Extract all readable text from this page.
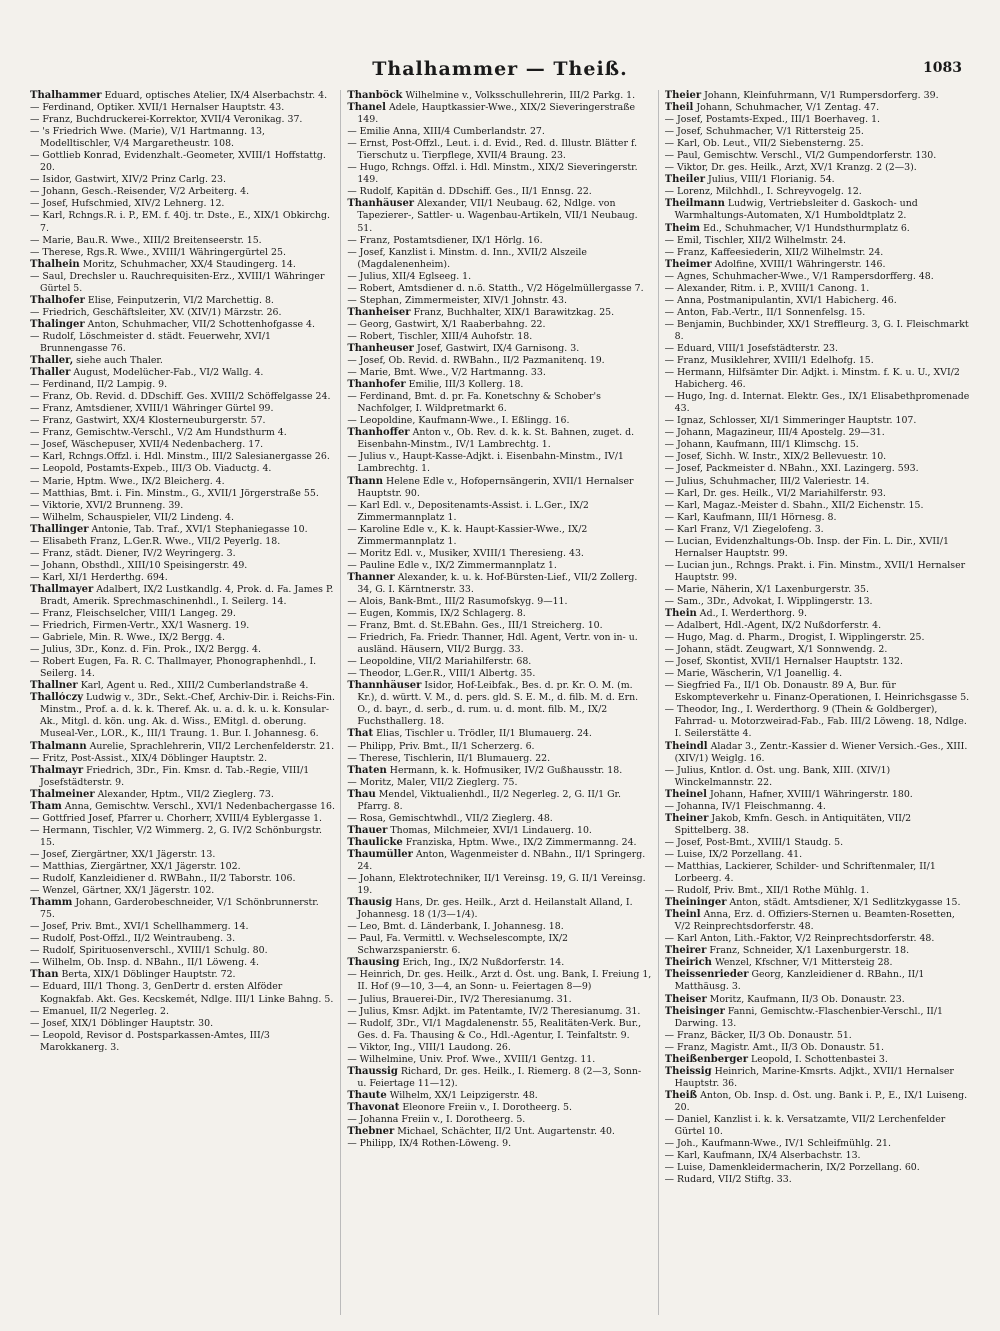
Thalhammer — Theiß.	1083

Thalhammer Eduard, optisches Atelier, IX/4 Alserbachstr. 4.

— Ferdinand, Optiker. XVII/1 Hernalser Hauptstr. 43.

— Franz, Buchdruckerei-Korrektor, XVII/4 Veronikag. 37.

— 's Friedrich Wwe. (Marie), V/1 Hartmanng. 13, Modelltischler, V/4 Margaretheustr. 108.

— Gottlieb Konrad, Evidenzhalt.-Geometer, XVIII/1 Hoffstattg. 20.

— Isidor, Gastwirt, XIV/2 Prinz Carlg. 23.

— Johann, Gesch.-Reisender, V/2 Arbeiterg. 4.

— Josef, Hufschmied, XIV/2 Lehnerg. 12.

— Karl, Rchngs.R. i. P., EM. f. 40j. tr. Dste., E., XIX/1 Obkirchg. 7.

— Marie, Bau.R. Wwe., XIII/2 Breitenseerstr. 15.

— Therese, Rgs.R. Wwe., XVIII/1 Währingergürtel 25.

Thalhein Moritz, Schuhmacher, XX/4 Staudingerg. 14.

— Saul, Drechsler u. Rauchrequisiten-Erz., XVIII/1 Währinger Gürtel 5.

Thalhofer Elise, Feinputzerin, VI/2 Marchettig. 8.

— Friedrich, Geschäftsleiter, XV. (XIV/1) Märzstr. 26.

Thalinger Anton, Schuhmacher, VII/2 Schottenhofgasse 4.

— Rudolf, Löschmeister d. städt. Feuerwehr, XVI/1 Brunnengasse 76.

Thaller, siehe auch Thaler.

Thaller August, Modelücher-Fab., VI/2 Wallg. 4.

— Ferdinand, II/2 Lampig. 9.

— Franz, Ob. Revid. d. DDschiff. Ges. XVIII/2 Schöffelgasse 24.

— Franz, Amtsdiener, XVIII/1 Währinger Gürtel 99.

— Franz, Gastwirt, XX/4 Klosterneuburgerstr. 57.

— Franz, Gemischtw.-Verschl., V/2 Am Hundsthurm 4.

— Josef, Wäschepuser, XVII/4 Nedenbacherg. 17.

— Karl, Rchngs.Offzl. i. Hdl. Minstm., III/2 Salesianergasse 26.

— Leopold, Postamts-Expeb., III/3 Ob. Viaductg. 4.

— Marie, Hptm. Wwe., IX/2 Bleicherg. 4.

— Matthias, Bmt. i. Fin. Minstm., G., XVII/1 Jörgerstraße 55.

— Viktorie, XVI/2 Brunneng. 39.

— Wilhelm, Schauspieler, VII/2 Lindeng. 4.

Thallinger Antonie, Tab. Traf., XVI/1 Stephaniegasse 10.

— Elisabeth Franz, L.Ger.R. Wwe., VII/2 Peyerlg. 18.

— Franz, städt. Diener, IV/2 Weyringerg. 3.

— Johann, Obsthdl., XIII/10 Speisingerstr. 49.

— Karl, XI/1 Herderthg. 694.

Thallmayer Adalbert, IX/2 Lustkandlg. 4, Prok. d. Fa. James P. Bradt, Amerik. Sprechmaschinenhdl., I. Seilerg. 14.

— Franz, Fleischselcher, VIII/1 Langeg. 29.

— Friedrich, Firmen-Vertr., XX/1 Wasnerg. 19.

— Gabriele, Min. R. Wwe., IX/2 Bergg. 4.

— Julius, 3Dr., Konz. d. Fin. Prok., IX/2 Bergg. 4.

— Robert Eugen, Fa. R. C. Thallmayer, Phonographenhdl., I. Seilerg. 14.

Thallner Karl, Agent u. Red., XIII/2 Cumberlandstraße 4.

Thallóczy Ludwig v., 3Dr., Sekt.-Chef, Archiv-Dir. i. Reichs-Fin. Minstm., Prof. a. d. k. k. Theref. Ak. u. a. d. k. u. k. Konsular-Ak., Mitgl. d. kön. ung. Ak. d. Wiss., EMitgl. d. oberung. Museal-Ver., LOR., K., III/1 Traung. 1. Bur. I. Johannesg. 6.

Thalmann Aurelie, Sprachlehrerin, VII/2 Lerchenfelderstr. 21.

— Fritz, Post-Assist., XIX/4 Döblinger Hauptstr. 2.

Thalmayr Friedrich, 3Dr., Fin. Kmsr. d. Tab.-Regie, VIII/1 Josefstädterstr. 9.

Thalmeiner Alexander, Hptm., VII/2 Zieglerg. 73.

Tham Anna, Gemischtw. Verschl., XVI/1 Nedenbachergasse 16.

— Gottfried Josef, Pfarrer u. Chorherr, XVIII/4 Eyblergasse 1.

— Hermann, Tischler, V/2 Wimmerg. 2, G. IV/2 Schönburgstr. 15.

— Josef, Ziergärtner, XX/1 Jägerstr. 13.

— Matthias, Ziergärtner, XX/1 Jägerstr. 102.

— Rudolf, Kanzleidiener d. RWBahn., II/2 Taborstr. 106.

— Wenzel, Gärtner, XX/1 Jägerstr. 102.

Thamm Johann, Garderobeschneider, V/1 Schönbrunnerstr. 75.

— Josef, Priv. Bmt., XVI/1 Schellhammerg. 14.

— Rudolf, Post-Offzl., II/2 Weintraubeng. 3.

— Rudolf, Spirituosenverschl., XVIII/1 Schulg. 80.

— Wilhelm, Ob. Insp. d. NBahn., II/1 Löweng. 4.

Than Berta, XIX/1 Döblinger Hauptstr. 72.

— Eduard, III/1 Thong. 3, GenDertr d. ersten Alföder Kognakfab. Akt. Ges. Kecskemét, Ndlge. III/1 Linke Bahng. 5.

— Emanuel, II/2 Negerleg. 2.

— Josef, XIX/1 Döblinger Hauptstr. 30.

— Leopold, Revisor d. Postsparkassen-Amtes, III/3 Marokkanerg. 3.

Thanböck Wilhelmine v., Volksschullehrerin, III/2 Parkg. 1.

Thanel Adele, Hauptkassier-Wwe., XIX/2 Sieveringerstraße 149.

— Emilie Anna, XIII/4 Cumberlandstr. 27.

— Ernst, Post-Offzl., Leut. i. d. Evid., Red. d. Illustr. Blätter f. Tierschutz u. Tierpflege, XVII/4 Braung. 23.

— Hugo, Rchngs. Offzl. i. Hdl. Minstm., XIX/2 Sieveringerstr. 149.

— Rudolf, Kapitän d. DDschiff. Ges., II/1 Ennsg. 22.

Thanhäuser Alexander, VII/1 Neubaug. 62, Ndlge. von Tapezierer-, Sattler- u. Wagenbau-Artikeln, VII/1 Neubaug. 51.

— Franz, Postamtsdiener, IX/1 Hörlg. 16.

— Josef, Kanzlist i. Minstm. d. Inn., XVII/2 Alszeile (Magdalenenheim).

— Julius, XII/4 Eglseeg. 1.

— Robert, Amtsdiener d. n.ö. Statth., V/2 Högelmüllergasse 7.

— Stephan, Zimmermeister, XIV/1 Johnstr. 43.

Thanheiser Franz, Buchhalter, XIX/1 Barawitzkag. 25.

— Georg, Gastwirt, X/1 Raaberbahng. 22.

— Robert, Tischler, XIII/4 Auhofstr. 18.

Thanheuser Josef, Gastwirt, IX/4 Garnisong. 3.

— Josef, Ob. Revid. d. RWBahn., II/2 Pazmanitenq. 19.

— Marie, Bmt. Wwe., V/2 Hartmanng. 33.

Thanhofer Emilie, III/3 Kollerg. 18.

— Ferdinand, Bmt. d. pr. Fa. Konetschny & Schober's Nachfolger, I. Wildpretmarkt 6.

— Leopoldine, Kaufmann-Wwe., I. Eßlingg. 16.

Thanhoffer Anton v., Ob. Rev. d. k. k. St. Bahnen, zuget. d. Eisenbahn-Minstm., IV/1 Lambrechtg. 1.

— Julius v., Haupt-Kasse-Adjkt. i. Eisenbahn-Minstm., IV/1 Lambrechtg. 1.

Thann Helene Edle v., Hofopernsängerin, XVII/1 Hernalser Hauptstr. 90.

— Karl Edl. v., Depositenamts-Assist. i. L.Ger., IX/2 Zimmermannplatz 1.

— Karoline Edle v., K. k. Haupt-Kassier-Wwe., IX/2 Zimmermannplatz 1.

— Moritz Edl. v., Musiker, XVIII/1 Theresieng. 43.

— Pauline Edle v., IX/2 Zimmermannplatz 1.

Thanner Alexander, k. u. k. Hof-Bürsten-Lief., VII/2 Zollerg. 34, G. I. Kärntnerstr. 33.

— Alois, Bank-Bmt., III/2 Rasumofskyg. 9—11.

— Eugen, Kommis, IX/2 Schlagerg. 8.

— Franz, Bmt. d. St.EBahn. Ges., III/1 Streicherg. 10.

— Friedrich, Fa. Friedr. Thanner, Hdl. Agent, Vertr. von in- u. ausländ. Häusern, VII/2 Burgg. 33.

— Leopoldine, VII/2 Mariahilferstr. 68.

— Theodor, L.Ger.R., VIII/1 Albertg. 35.

Thannhäuser Isidor, Hof-Leibfak., Bes. d. pr. Kr. O. M. (m. Kr.), d. württ. V. M., d. pers. gld. S. E. M., d. filb. M. d. Ern. O., d. bayr., d. serb., d. rum. u. d. mont. filb. M., IX/2 Fuchsthallerg. 18.

That Elias, Tischler u. Trödler, II/1 Blumauerg. 24.

— Philipp, Priv. Bmt., II/1 Scherzerg. 6.

— Therese, Tischlerin, II/1 Blumauerg. 22.

Thaten Hermann, k. k. Hofmusiker, IV/2 Gußhausstr. 18.

— Moritz, Maler, VII/2 Zieglerg. 75.

Thau Mendel, Viktualienhdl., II/2 Negerleg. 2, G. II/1 Gr. Pfarrg. 8.

— Rosa, Gemischtwhdl., VII/2 Zieglerg. 48.

Thauer Thomas, Milchmeier, XVI/1 Lindauerg. 10.

Thaulicke Franziska, Hptm. Wwe., IX/2 Zimmermanng. 24.

Thaumüller Anton, Wagenmeister d. NBahn., II/1 Springerg. 24.

— Johann, Elektrotechniker, II/1 Vereinsg. 19, G. II/1 Vereinsg. 19.

Thausig Hans, Dr. ges. Heilk., Arzt d. Heilanstalt Alland, I. Johannesg. 18 (1/3—1/4).

— Leo, Bmt. d. Länderbank, I. Johannesg. 18.

— Paul, Fa. Vermittl. v. Wechselescompte, IX/2 Schwarzspanierstr. 6.

Thausing Erich, Ing., IX/2 Nußdorferstr. 14.

— Heinrich, Dr. ges. Heilk., Arzt d. Öst. ung. Bank, I. Freiung 1, II. Hof (9—10, 3—4, an Sonn- u. Feiertagen 8—9)

— Julius, Brauerei-Dir., IV/2 Theresianumg. 31.

— Julius, Kmsr. Adjkt. im Patentamte, IV/2 Theresianumg. 31.

— Rudolf, 3Dr., VI/1 Magdalenenstr. 55, Realitäten-Verk. Bur., Ges. d. Fa. Thausing & Co., Hdl.-Agentur, I. Teinfaltstr. 9.

— Viktor, Ing., VIII/1 Laudong. 26.

— Wilhelmine, Univ. Prof. Wwe., XVIII/1 Gentzg. 11.

Thaussig Richard, Dr. ges. Heilk., I. Riemerg. 8 (2—3, Sonn- u. Feiertage 11—12).

Thaute Wilhelm, XX/1 Leipzigerstr. 48.

Thavonat Eleonore Freiin v., I. Dorotheerg. 5.

— Johanna Freiin v., I. Dorotheerg. 5.

Thebner Michael, Schächter, II/2 Unt. Augartenstr. 40.

— Philipp, IX/4 Rothen-Löweng. 9.

Theier Johann, Kleinfuhrmann, V/1 Rumpersdorferg. 39.

Theil Johann, Schuhmacher, V/1 Zentag. 47.

— Josef, Postamts-Exped., III/1 Boerhaveg. 1.

— Josef, Schuhmacher, V/1 Rittersteig 25.

— Karl, Ob. Leut., VII/2 Siebensterng. 25.

— Paul, Gemischtw. Verschl., VI/2 Gumpendorferstr. 130.

— Viktor, Dr. ges. Heilk., Arzt, XV/1 Kranzg. 2 (2—3).

Theiler Julius, VIII/1 Florianig. 54.

— Lorenz, Milchhdl., I. Schreyvogelg. 12.

Theilmann Ludwig, Vertriebsleiter d. Gaskoch- und Warmhaltungs-Automaten, X/1 Humboldtplatz 2.

Theim Ed., Schuhmacher, V/1 Hundsthurmplatz 6.

— Emil, Tischler, XII/2 Wilhelmstr. 24.

— Franz, Kaffeesiederin, XII/2 Wilhelmstr. 24.

Theimer Adolfine, XVIII/1 Währingerstr. 146.

— Agnes, Schuhmacher-Wwe., V/1 Rampersdorfferg. 48.

— Alexander, Ritm. i. P., XVIII/1 Canong. 1.

— Anna, Postmanipulantin, XVI/1 Habicherg. 46.

— Anton, Fab.-Vertr., II/1 Sonnenfelsg. 15.

— Benjamin, Buchbinder, XX/1 Streffleurg. 3, G. I. Fleischmarkt 8.

— Eduard, VIII/1 Josefstädterstr. 23.

— Franz, Musiklehrer, XVIII/1 Edelhofg. 15.

— Hermann, Hilfsämter Dir. Adjkt. i. Minstm. f. K. u. U., XVI/2 Habicherg. 46.

— Hugo, Ing. d. Internat. Elektr. Ges., IX/1 Elisabethpromenade 43.

— Ignaz, Schlosser, XI/1 Simmeringer Hauptstr. 107.

— Johann, Magazineur, III/4 Apostelg. 29—31.

— Johann, Kaufmann, III/1 Klimschg. 15.

— Josef, Sichh. W. Instr., XIX/2 Bellevuestr. 10.

— Josef, Packmeister d. NBahn., XXI. Lazingerg. 593.

— Julius, Schuhmacher, III/2 Valeriestr. 14.

— Karl, Dr. ges. Heilk., VI/2 Mariahilferstr. 93.

— Karl, Magaz.-Meister d. Sbahn., XII/2 Eichenstr. 15.

— Karl, Kaufmann, III/1 Hörnesg. 8.

— Karl Franz, V/1 Ziegelofeng. 3.

— Lucian, Evidenzhaltungs-Ob. Insp. der Fin. L. Dir., XVII/1 Hernalser Hauptstr. 99.

— Lucian jun., Rchngs. Prakt. i. Fin. Minstm., XVII/1 Hernalser Hauptstr. 99.

— Marie, Näherin, X/1 Laxenburgerstr. 35.

— Sam., 3Dr., Advokat, I. Wipplingerstr. 13.

Thein Ad., I. Werderthorg. 9.

— Adalbert, Hdl.-Agent, IX/2 Nußdorferstr. 4.

— Hugo, Mag. d. Pharm., Drogist, I. Wipplingerstr. 25.

— Johann, städt. Zeugwart, X/1 Sonnwendg. 2.

— Josef, Skontist, XVII/1 Hernalser Hauptstr. 132.

— Marie, Wäscherin, V/1 Joanellig. 4.

— Siegfried Fa., II/1 Ob. Donaustr. 89 A, Bur. für Eskompteverkehr u. Finanz-Operationen, I. Heinrichsgasse 5.

— Theodor, Ing., I. Werderthorg. 9 (Thein & Goldberger), Fahrrad- u. Motorzweirad-Fab., Fab. III/2 Löweng. 18, Ndlge. I. Seilerstätte 4.

Theindl Aladar 3., Zentr.-Kassier d. Wiener Versich.-Ges., XIII. (XIV/1) Weiglg. 16.

— Julius, Kntlor. d. Öst. ung. Bank, XIII. (XIV/1) Winckelmannstr. 22.

Theinel Johann, Hafner, XVIII/1 Währingerstr. 180.

— Johanna, IV/1 Fleischmanng. 4.

Theiner Jakob, Kmfn. Gesch. in Antiquitäten, VII/2 Spittelberg. 38.

— Josef, Post-Bmt., XVIII/1 Staudg. 5.

— Luise, IX/2 Porzellang. 41.

— Matthias, Lackierer, Schilder- und Schriftenmaler, II/1 Lorbeerg. 4.

— Rudolf, Priv. Bmt., XII/1 Rothe Mühlg. 1.

Theininger Anton, städt. Amtsdiener, X/1 Sedlitzkygasse 15.

Theinl Anna, Erz. d. Offiziers-Sternen u. Beamten-Rosetten, V/2 Reinprechtsdorferstr. 48.

— Karl Anton, Lith.-Faktor, V/2 Reinprechtsdorferstr. 48.

Theirer Franz, Schneider, X/1 Laxenburgerstr. 18.

Theirich Wenzel, Kfschner, V/1 Mittersteig 28.

Theissenrieder Georg, Kanzleidiener d. RBahn., II/1 Matthäusg. 3.

Theiser Moritz, Kaufmann, II/3 Ob. Donaustr. 23.

Theisinger Fanni, Gemischtw.-Flaschenbier-Verschl., II/1 Darwing. 13.

— Franz, Bäcker, II/3 Ob. Donaustr. 51.

— Franz, Magistr. Amt., II/3 Ob. Donaustr. 51.

Theißenberger Leopold, I. Schottenbastei 3.

Theissig Heinrich, Marine-Kmsrts. Adjkt., XVII/1 Hernalser Hauptstr. 36.

Theiß Anton, Ob. Insp. d. Öst. ung. Bank i. P., E., IX/1 Luiseng. 20.

— Daniel, Kanzlist i. k. k. Versatzamte, VII/2 Lerchenfelder Gürtel 10.

— Joh., Kaufmann-Wwe., IV/1 Schleifmühlg. 21.

— Karl, Kaufmann, IX/4 Alserbachstr. 13.

— Luise, Damenkleidermacherin, IX/2 Porzellang. 60.

— Rudard, VII/2 Stiftg. 33.
